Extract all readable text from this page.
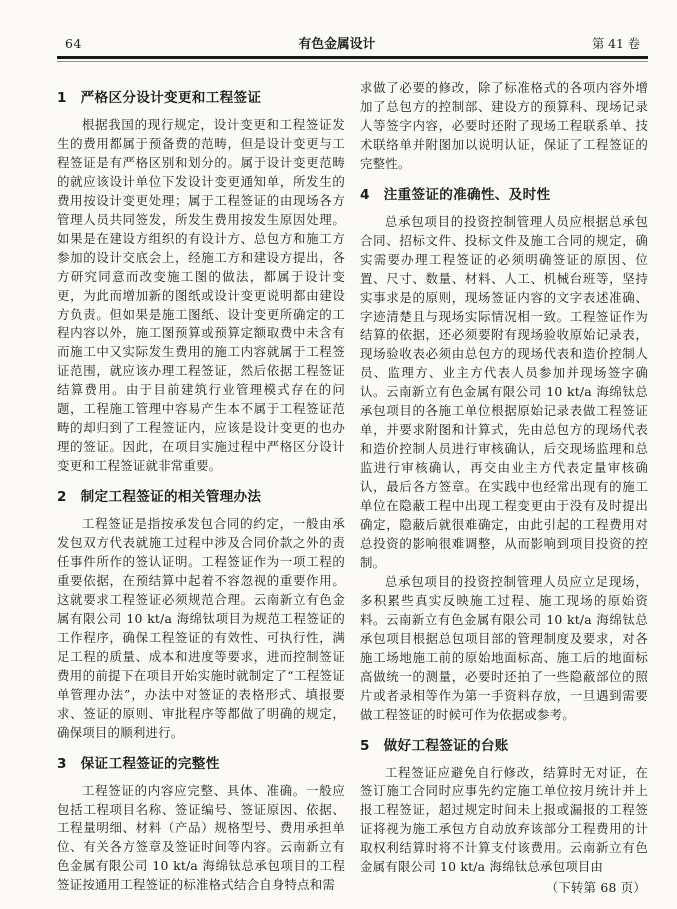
64	有色金属设计	第 41 卷
1　严格区分设计变更和工程签证

根据我国的现行规定，设计变更和工程签证发生的费用都属于预备费的范畴，但是设计变更与工程签证是有严格区别和划分的。属于设计变更范畴的就应该设计单位下发设计变更通知单，所发生的费用按设计变更处理；属于工程签证的由现场各方管理人员共同签发，所发生费用按发生原因处理。如果是在建设方组织的有设计方、总包方和施工方参加的设计交底会上，经施工方和建设方提出，各方研究同意而改变施工图的做法，都属于设计变更，为此而增加新的图纸或设计变更说明都由建设方负责。但如果是施工图纸、设计变更所确定的工程内容以外，施工图预算或预算定额取费中未含有而施工中又实际发生费用的施工内容就属于工程签证范围，就应该办理工程签证，然后依据工程签证结算费用。由于目前建筑行业管理模式存在的问题，工程施工管理中容易产生本不属于工程签证范畴的却归到了工程签证内，应该是设计变更的也办理的签证。因此，在项目实施过程中严格区分设计变更和工程签证就非常重要。

2　制定工程签证的相关管理办法

工程签证是指按承发包合同的约定，一般由承发包双方代表就施工过程中涉及合同价款之外的责任事件所作的签认证明。工程签证作为一项工程的重要依据，在预结算中起着不容忽视的重要作用。这就要求工程签证必须规范合理。云南新立有色金属有限公司 10 kt/a 海绵钛项目为规范工程签证的工作程序，确保工程签证的有效性、可执行性，满足工程的质量、成本和进度等要求，进而控制签证费用的前提下在项目开始实施时就制定了“工程签证单管理办法”，办法中对签证的表格形式、填报要求、签证的原则、审批程序等都做了明确的规定，确保项目的顺利进行。

3　保证工程签证的完整性

工程签证的内容应完整、具体、准确。一般应包括工程项目名称、签证编号、签证原因、依据、工程量明细、材料（产品）规格型号、费用承担单位、有关各方签章及签证时间等内容。云南新立有色金属有限公司 10 kt/a 海绵钛总承包项目的工程签证按通用工程签证的标准格式结合自身特点和需

求做了必要的修改，除了标准格式的各项内容外增加了总包方的控制部、建设方的预算科、现场记录人等签字内容，必要时还附了现场工程联系单、技术联络单并附图加以说明认证，保证了工程签证的完整性。

4　注重签证的准确性、及时性

总承包项目的投资控制管理人员应根据总承包合同、招标文件、投标文件及施工合同的规定，确实需要办理工程签证的必须明确签证的原因、位置、尺寸、数量、材料、人工、机械台班等，坚持实事求是的原则，现场签证内容的文字表述准确、字迹清楚且与现场实际情况相一致。工程签证作为结算的依据，还必须要附有现场验收原始记录表，现场验收表必须由总包方的现场代表和造价控制人员、监理方、业主方代表人员参加并现场签字确认。云南新立有色金属有限公司 10 kt/a 海绵钛总承包项目的各施工单位根据原始记录表做工程签证单，并要求附图和计算式，先由总包方的现场代表和造价控制人员进行审核确认，后交现场监理和总监进行审核确认，再交由业主方代表定量审核确认，最后各方签章。在实践中也经常出现有的施工单位在隐蔽工程中出现工程变更由于没有及时提出确定，隐蔽后就很难确定，由此引起的工程费用对总投资的影响很难调整，从而影响到项目投资的控制。

总承包项目的投资控制管理人员应立足现场，多积累些真实反映施工过程、施工现场的原始资料。云南新立有色金属有限公司 10 kt/a 海绵钛总承包项目根据总包项目部的管理制度及要求，对各施工场地施工前的原始地面标高、施工后的地面标高做统一的测量，必要时还拍了一些隐蔽部位的照片或者录相等作为第一手资料存放，一旦遇到需要做工程签证的时候可作为依据或参考。

5　做好工程签证的台账

工程签证应避免自行修改，结算时无对证，在签订施工合同时应事先约定施工单位按月统计并上报工程签证，超过规定时间未上报或漏报的工程签证将视为施工承包方自动放弃该部分工程费用的计取权利结算时将不计算支付该费用。云南新立有色金属有限公司 10 kt/a 海绵钛总承包项目由

（下转第 68 页）
